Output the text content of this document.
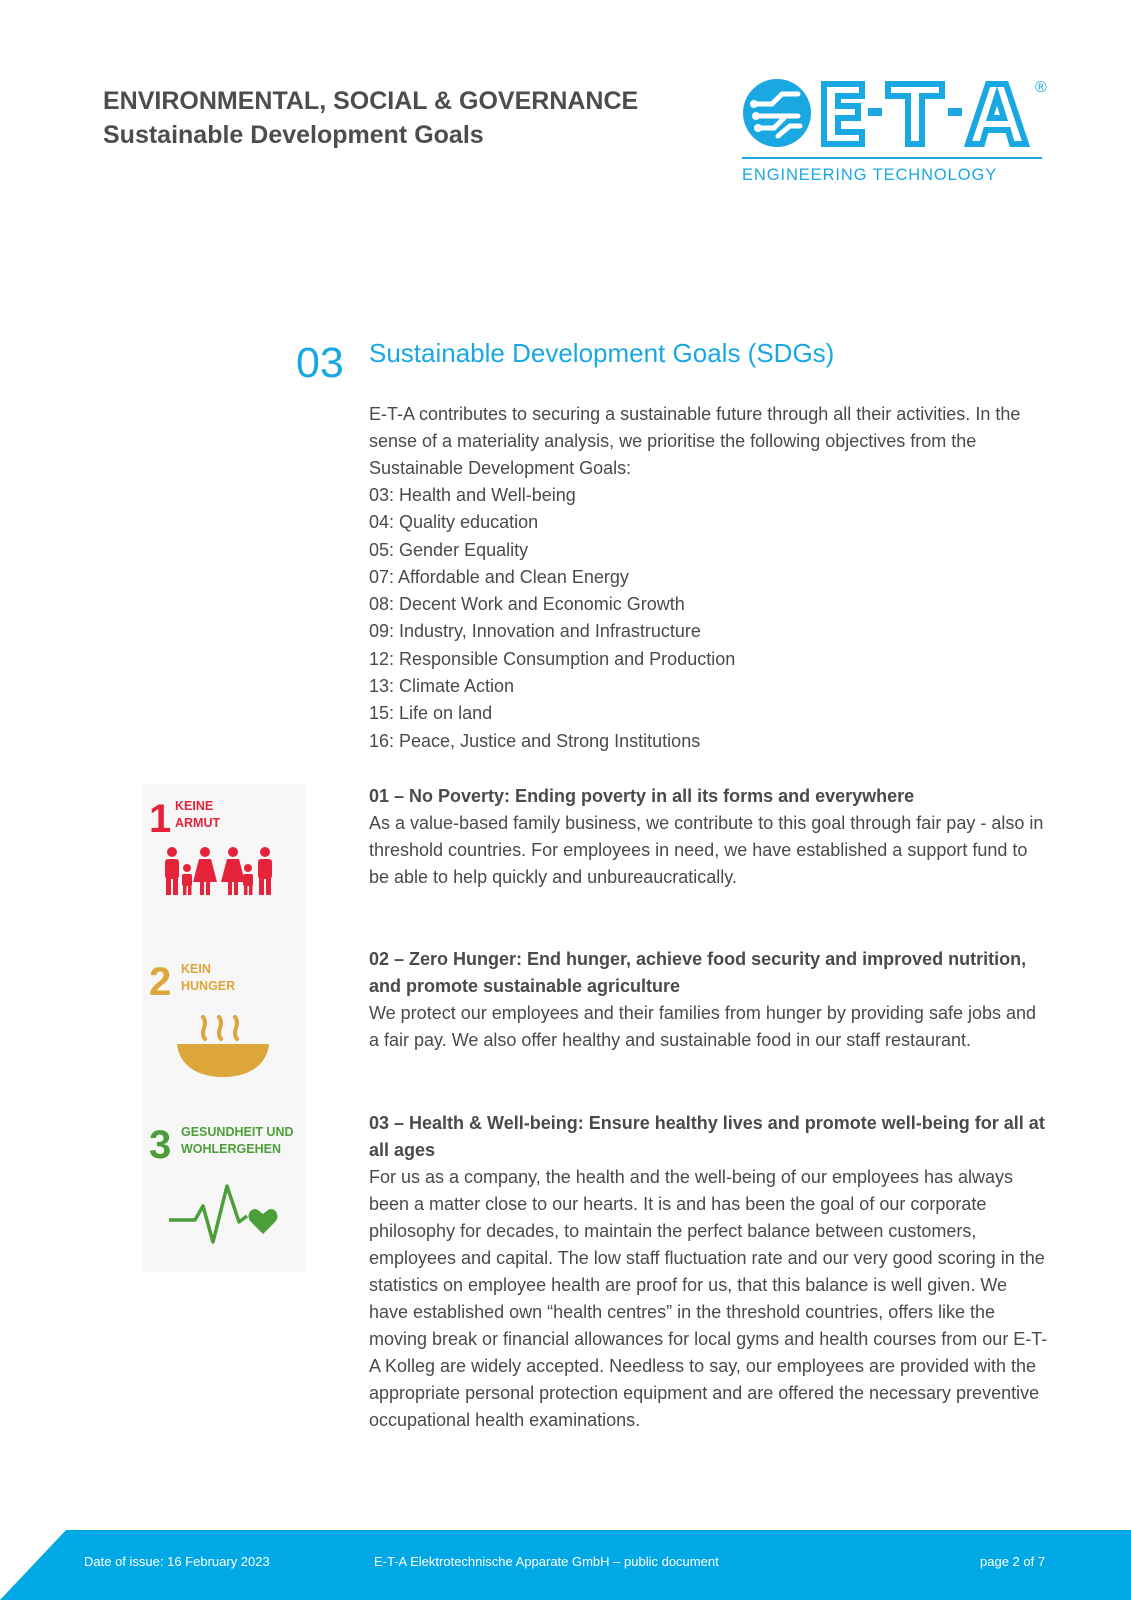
ENVIRONMENTAL, SOCIAL & GOVERNANCE
Sustainable Development Goals
®
ENGINEERING TECHNOLOGY
03 Sustainable Development Goals (SDGs)
E-T-A contributes to securing a sustainable future through all their activities. In the sense of a materiality analysis, we prioritise the following objectives from the Sustainable Development Goals:
03: Health and Well-being
04: Quality education
05: Gender Equality
07: Affordable and Clean Energy
08: Decent Work and Economic Growth
09: Industry, Innovation and Infrastructure
12: Responsible Consumption and Production
13: Climate Action
15: Life on land
16: Peace, Justice and Strong Institutions
1 KEINE
ARMUT
2 KEIN
HUNGER
3 GESUNDHEIT UND
WOHLERGEHEN
01 – No Poverty: Ending poverty in all its forms and everywhere
As a value-based family business, we contribute to this goal through fair pay - also in threshold countries. For employees in need, we have established a support fund to be able to help quickly and unbureaucratically.
02 – Zero Hunger: End hunger, achieve food security and improved nutrition, and promote sustainable agriculture
We protect our employees and their families from hunger by providing safe jobs and a fair pay. We also offer healthy and sustainable food in our staff restaurant.
03 – Health & Well-being: Ensure healthy lives and promote well-being for all at all ages
For us as a company, the health and the well-being of our employees has always been a matter close to our hearts. It is and has been the goal of our corporate philosophy for decades, to maintain the perfect balance between customers, employees and capital. The low staff fluctuation rate and our very good scoring in the statistics on employee health are proof for us, that this balance is well given. We have established own “health centres” in the threshold countries, offers like the moving break or financial allowances for local gyms and health courses from our E-T-A Kolleg are widely accepted. Needless to say, our employees are provided with the appropriate personal protection equipment and are offered the necessary preventive occupational health examinations.
Date of issue: 16 February 2023	E-T-A Elektrotechnische Apparate GmbH – public document	page 2 of 7
